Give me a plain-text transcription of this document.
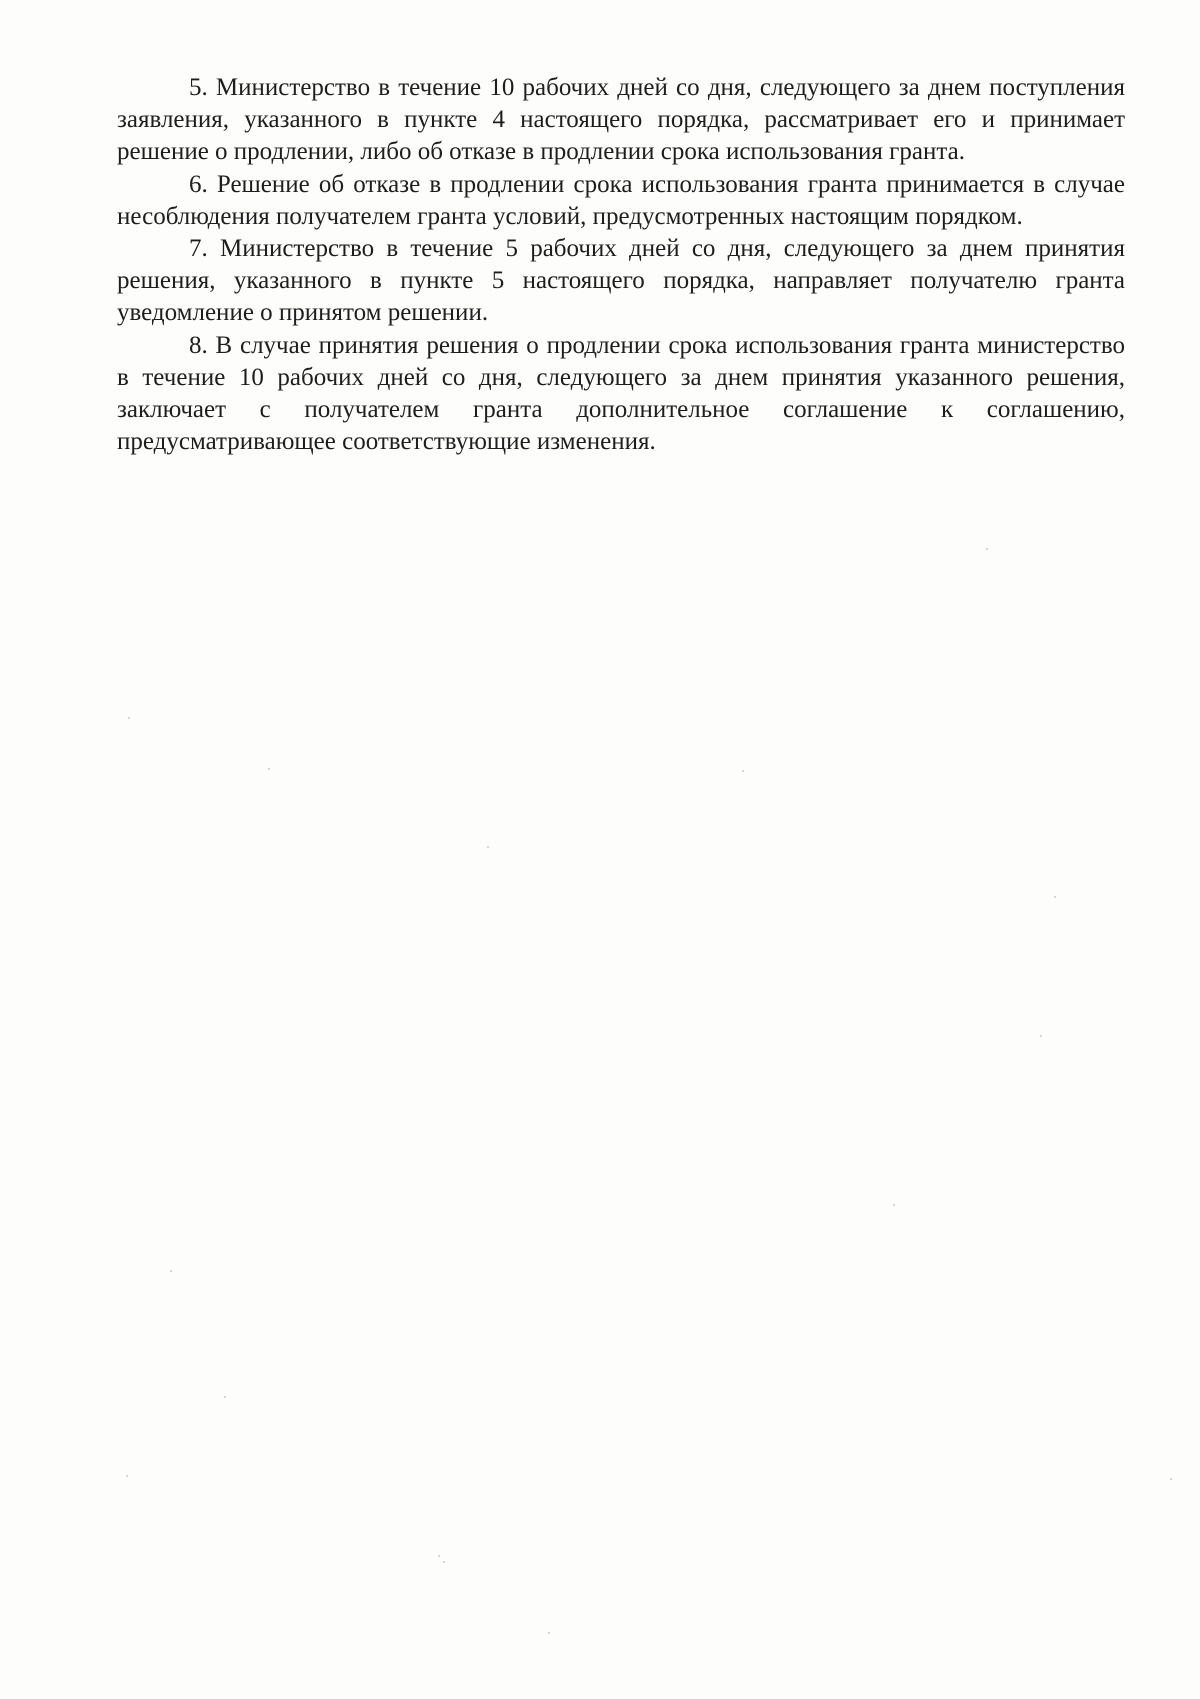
5. Министерство в течение 10 рабочих дней со дня, следующего за днем поступления заявления, указанного в пункте 4 настоящего порядка, рассматривает его и принимает решение о продлении, либо об отказе в продлении срока использования гранта.

6. Решение об отказе в продлении срока использования гранта принимается в случае несоблюдения получателем гранта условий, предусмотренных настоящим порядком.

7. Министерство в течение 5 рабочих дней со дня, следующего за днем принятия решения, указанного в пункте 5 настоящего порядка, направляет получателю гранта уведомление о принятом решении.

8. В случае принятия решения о продлении срока использования гранта министерство в течение 10 рабочих дней со дня, следующего за днем принятия указанного решения, заключает с получателем гранта дополнительное соглашение к соглашению, предусматривающее соответствующие изменения.
